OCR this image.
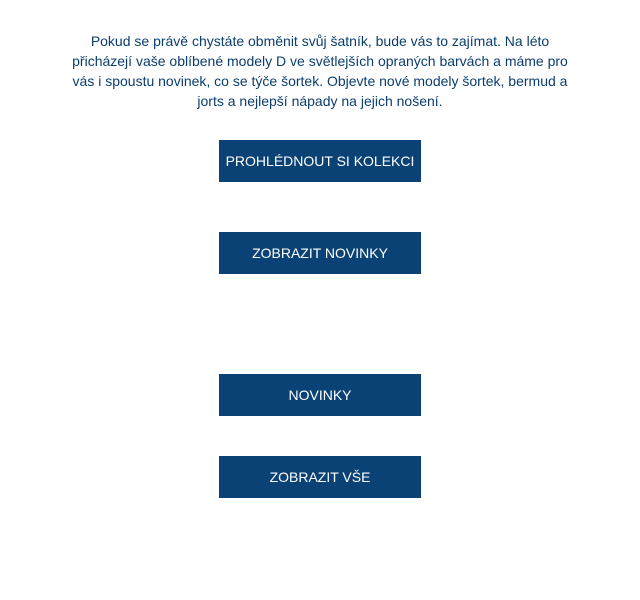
Pokud se právě chystáte obměnit svůj šatník, bude vás to zajímat. Na léto přicházejí vaše oblíbené modely D ve světlejších opraných barvách a máme pro vás i spoustu novinek, co se týče šortek. Objevte nové modely šortek, bermud a jorts a nejlepší nápady na jejich nošení.

PROHLÉDNOUT SI KOLEKCI
ZOBRAZIT NOVINKY
NOVINKY
ZOBRAZIT VŠE
